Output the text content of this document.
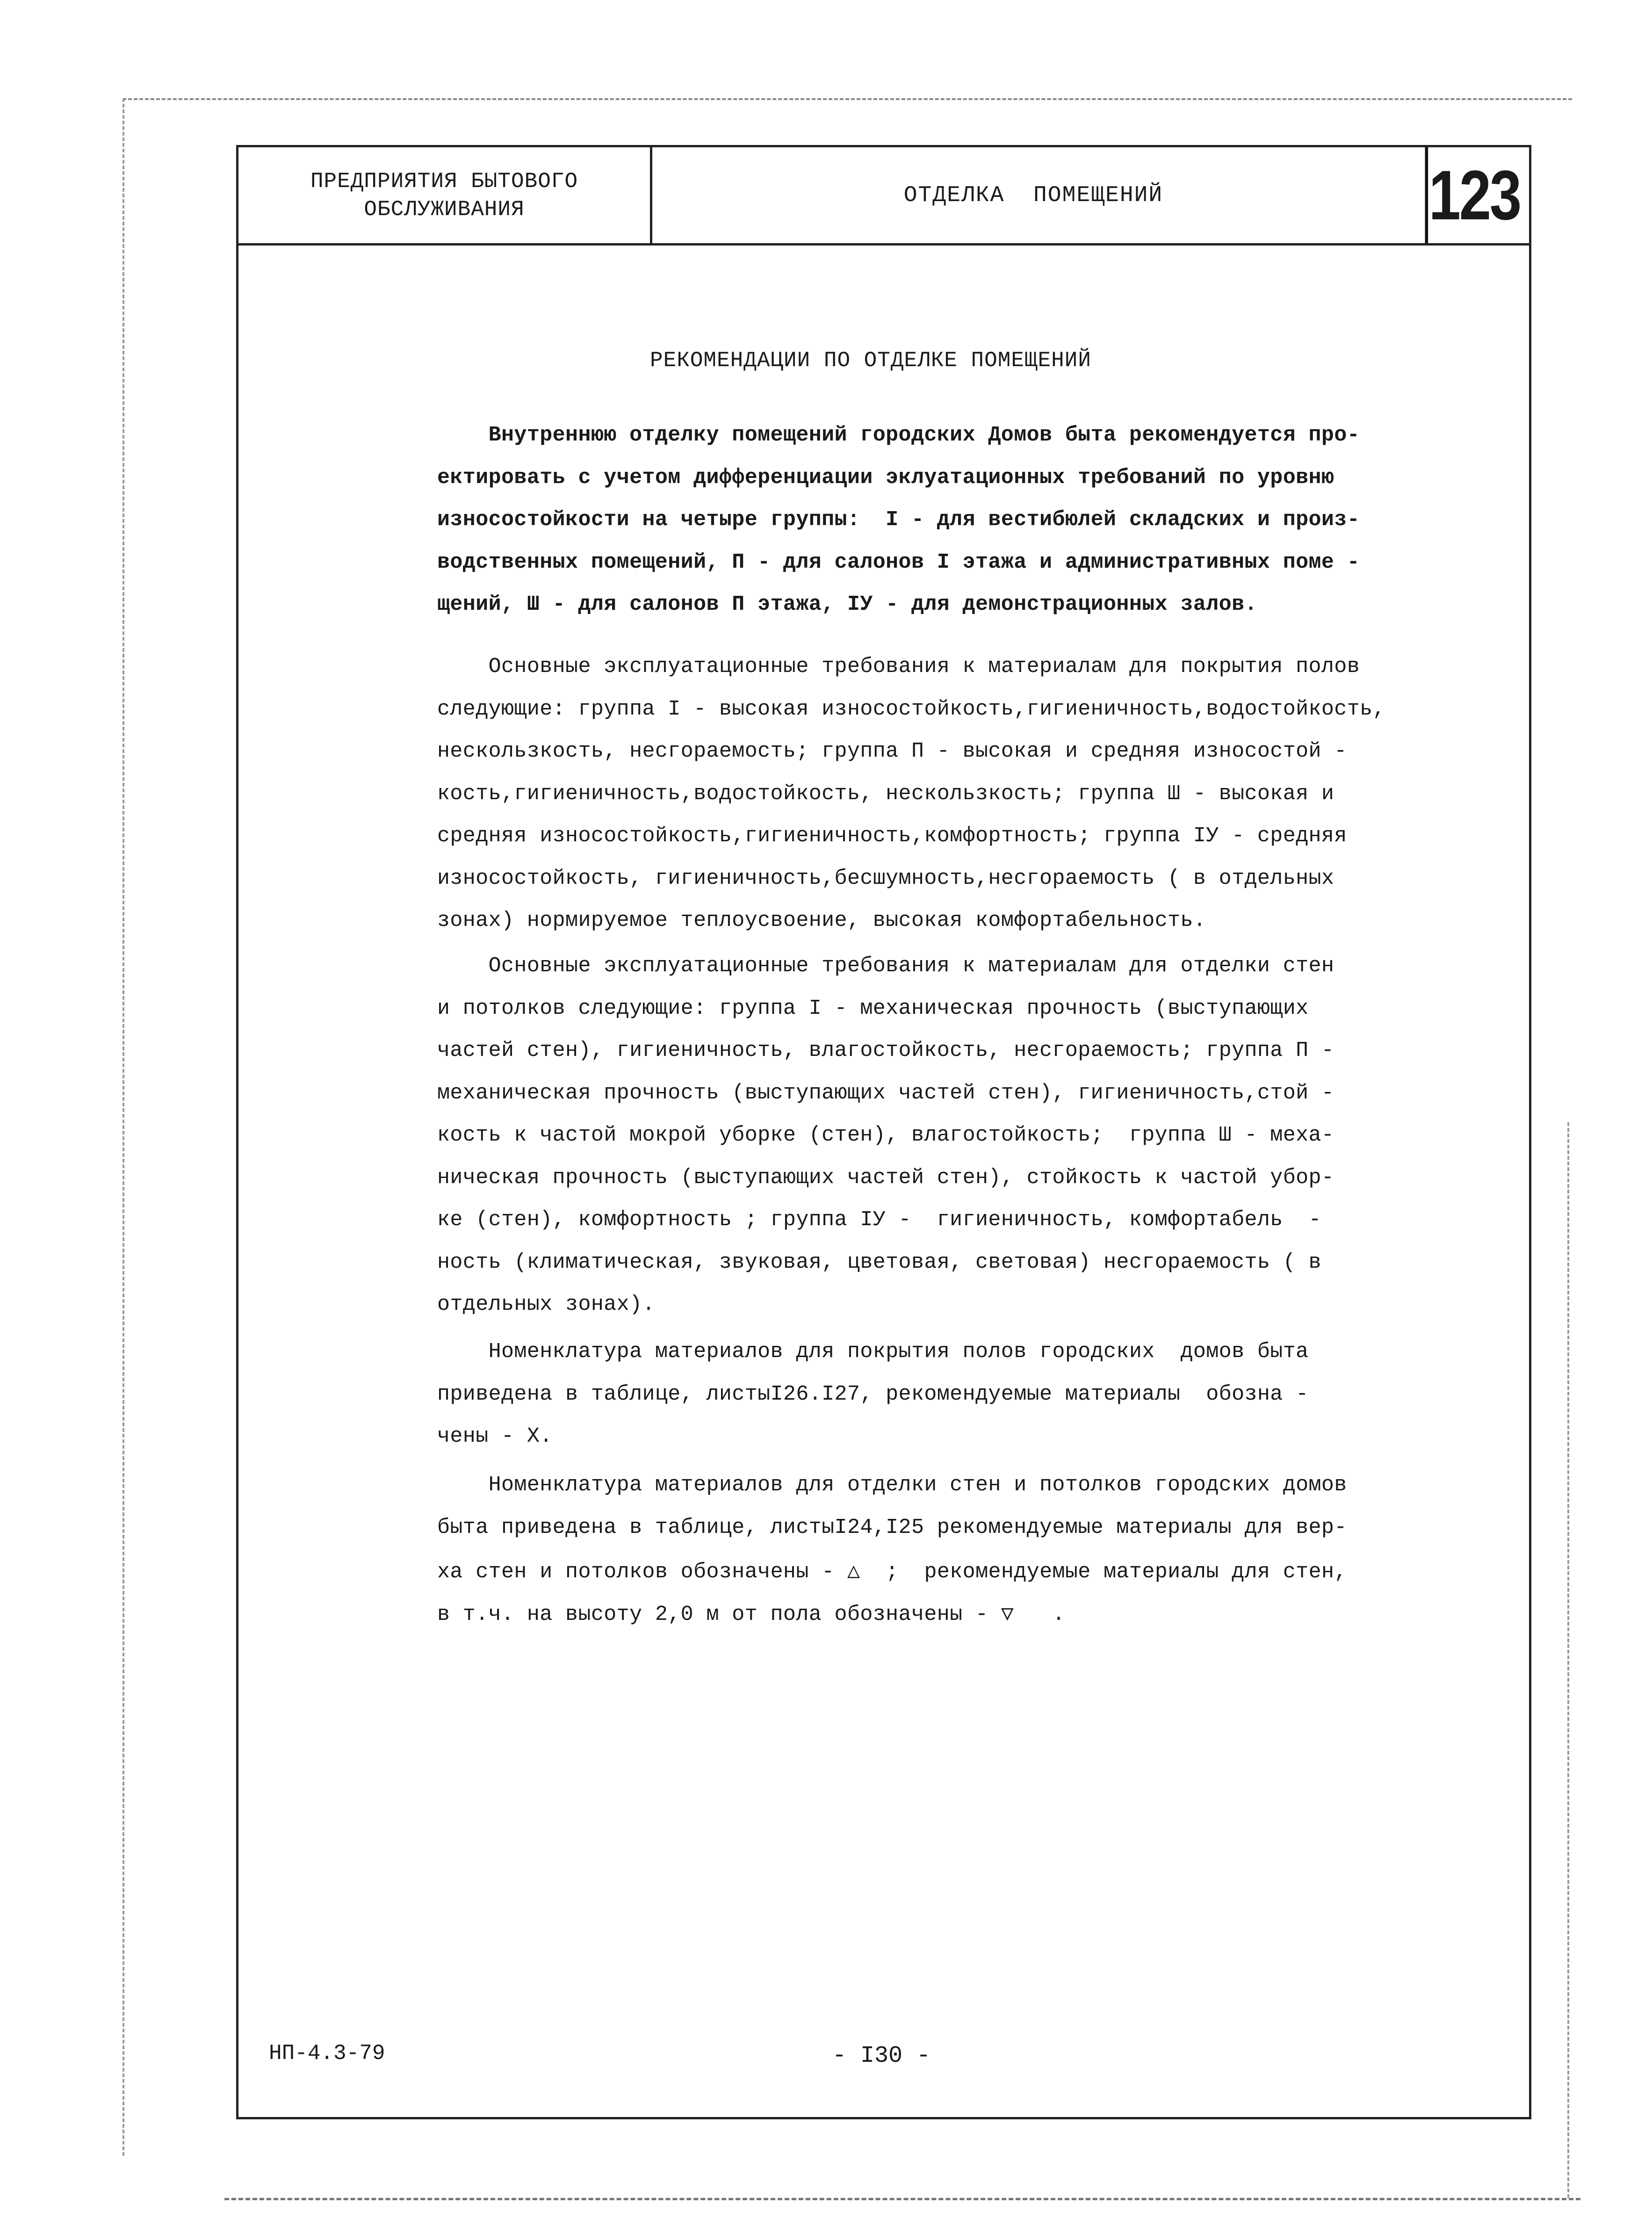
ПРЕДПРИЯТИЯ БЫТОВОГО
ОБСЛУЖИВАНИЯ
ОТДЕЛКА  ПОМЕЩЕНИЙ	123
РЕКОМЕНДАЦИИ ПО ОТДЕЛКЕ ПОМЕЩЕНИЙ
Внутреннюю отделку помещений городских Домов быта рекомендуется про-
ектировать с учетом дифференциации эклуатационных требований по уровню
износостойкости на четыре группы:  I - для вестибюлей складских и произ-
водственных помещений, П - для салонов I этажа и административных поме -
щений, Ш - для салонов П этажа, IУ - для демонстрационных залов.
Основные эксплуатационные требования к материалам для покрытия полов
следующие: группа I - высокая износостойкость,гигиеничность,водостойкость,
нескользкость, несгораемость; группа П - высокая и средняя износостой -
кость,гигиеничность,водостойкость, нескользкость; группа Ш - высокая и
средняя износостойкость,гигиеничность,комфортность; группа IУ - средняя
износостойкость, гигиеничность,бесшумность,несгораемость ( в отдельных
зонах) нормируемое теплоусвоение, высокая комфортабельность.
Основные эксплуатационные требования к материалам для отделки стен
и потолков следующие: группа I - механическая прочность (выступающих
частей стен), гигиеничность, влагостойкость, несгораемость; группа П -
механическая прочность (выступающих частей стен), гигиеничность,стой -
кость к частой мокрой уборке (стен), влагостойкость;  группа Ш - меха-
ническая прочность (выступающих частей стен), стойкость к частой убор-
ке (стен), комфортность ; группа IУ -  гигиеничность, комфортабель  -
ность (климатическая, звуковая, цветовая, световая) несгораемость ( в
отдельных зонах).
Номенклатура материалов для покрытия полов городских  домов быта
приведена в таблице, листыI26.I27, рекомендуемые материалы  обозна -
чены - Х.
Номенклатура материалов для отделки стен и потолков городских домов
быта приведена в таблице, листыI24,I25 рекомендуемые материалы для вер-
ха стен и потолков обозначены - △  ;  рекомендуемые материалы для стен,
в т.ч. на высоту 2,0 м от пола обозначены - ▽   .
НП-4.3-79	- I30 -
